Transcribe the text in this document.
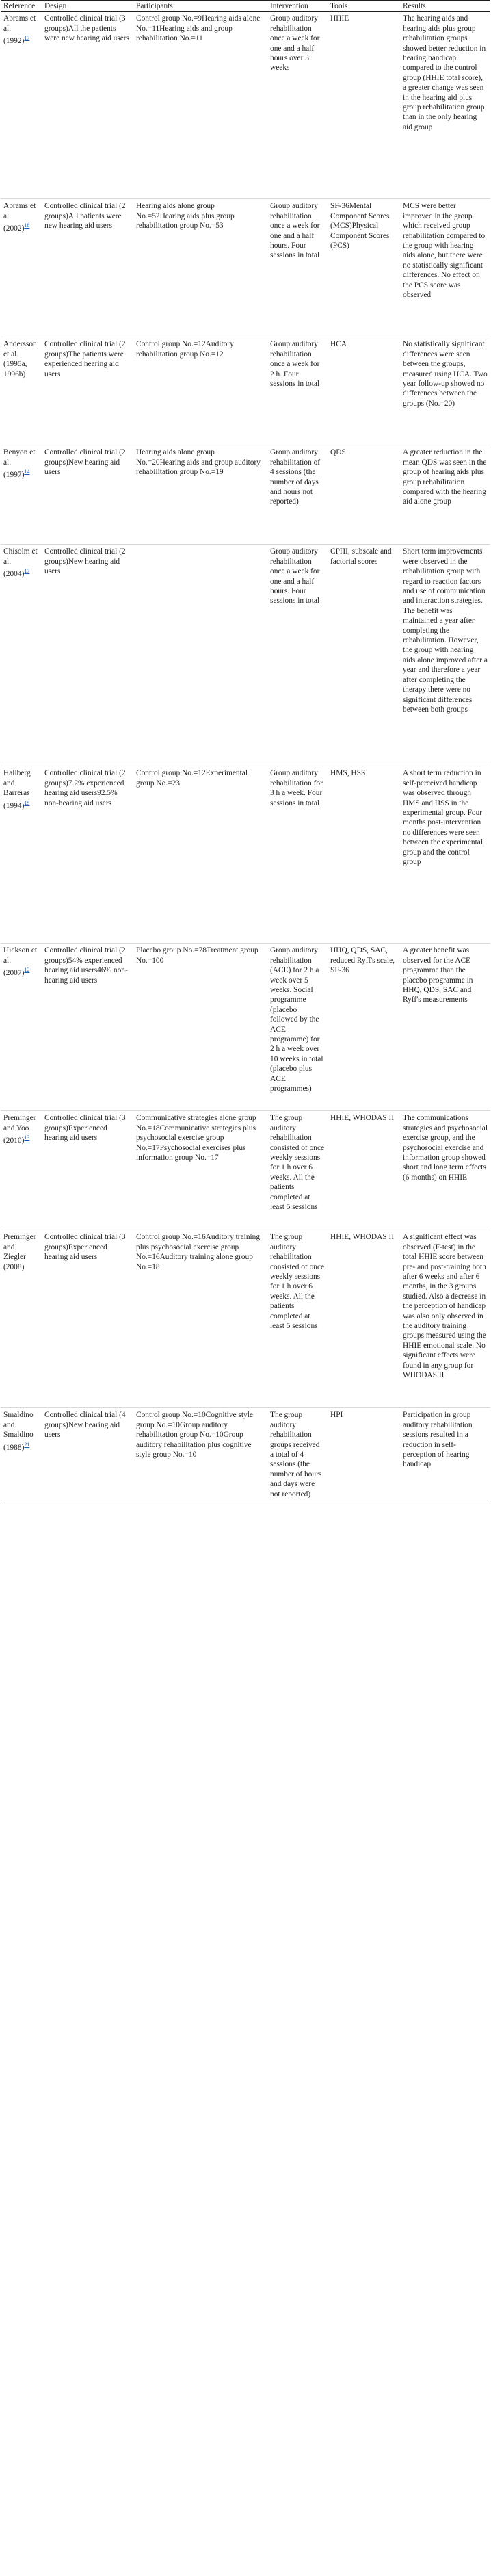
Reference	Design	Participants	Intervention	Tools	Results
Abrams et al. (1992)$^{17}$	Controlled clinical trial (3 groups)All the patients were new hearing aid users	Control group No.=9Hearing aids alone No.=11Hearing aids and group rehabilitation No.=11	Group auditory rehabilitation once a week for one and a half hours over 3 weeks	HHIE	The hearing aids and hearing aids plus group rehabilitation groups showed better reduction in hearing handicap compared to the control group (HHIE total score), a greater change was seen in the hearing aid plus group rehabilitation group than in the only hearing aid group
Abrams et al. (2002)$^{18}$	Controlled clinical trial (2 groups)All patients were new hearing aid users	Hearing aids alone group No.=52Hearing aids plus group rehabilitation group No.=53	Group auditory rehabilitation once a week for one and a half hours. Four sessions in total	SF-36Mental Component Scores (MCS)Physical Component Scores (PCS)	MCS were better improved in the group which received group rehabilitation compared to the group with hearing aids alone, but there were no statistically significant differences. No effect on the PCS score was observed
Andersson et al. (1995a, 1996b)	Controlled clinical trial (2 groups)The patients were experienced hearing aid users	Control group No.=12Auditory rehabilitation group No.=12	Group auditory rehabilitation once a week for 2 h. Four sessions in total	HCA	No statistically significant differences were seen between the groups, measured using HCA. Two year follow-up showed no differences between the groups (No.=20)
Benyon et al. (1997)$^{14}$	Controlled clinical trial (2 groups)New hearing aid users	Hearing aids alone group No.=20Hearing aids and group auditory rehabilitation group No.=19	Group auditory rehabilitation of 4 sessions (the number of days and hours not reported)	QDS	A greater reduction in the mean QDS was seen in the group of hearing aids plus group rehabilitation compared with the hearing aid alone group
Chisolm et al. (2004)$^{17}$	Controlled clinical trial (2 groups)New hearing aid users		Group auditory rehabilitation once a week for one and a half hours. Four sessions in total	CPHI, subscale and factorial scores	Short term improvements were observed in the rehabilitation group with regard to reaction factors and use of communication and interaction strategies. The benefit was maintained a year after completing the rehabilitation. However, the group with hearing aids alone improved after a year and therefore a year after completing the therapy there were no significant differences between both groups
Hallberg and Barreras (1994)$^{15}$	Controlled clinical trial (2 groups)7.2% experienced hearing aid users92.5% non-hearing aid users	Control group No.=12Experimental group No.=23	Group auditory rehabilitation for 3 h a week. Four sessions in total	HMS, HSS	A short term reduction in self-perceived handicap was observed through HMS and HSS in the experimental group. Four months post-intervention no differences were seen between the experimental group and the control group
Hickson et al. (2007)$^{12}$	Controlled clinical trial (2 groups)54% experienced hearing aid users46% non-hearing aid users	Placebo group No.=78Treatment group No.=100	Group auditory rehabilitation (ACE) for 2 h a week over 5 weeks. Social programme (placebo followed by the ACE programme) for 2 h a week over 10 weeks in total (placebo plus ACE programmes)	HHQ, QDS, SAC, reduced Ryff's scale, SF-36	A greater benefit was observed for the ACE programme than the placebo programme in HHQ, QDS, SAC and Ryff's measurements
Preminger and Yoo (2010)$^{13}$	Controlled clinical trial (3 groups)Experienced hearing aid users	Communicative strategies alone group No.=18Communicative strategies plus psychosocial exercise group No.=17Psychosocial exercises plus information group No.=17	The group auditory rehabilitation consisted of once weekly sessions for 1 h over 6 weeks. All the patients completed at least 5 sessions	HHIE, WHODAS II	The communications strategies and psychosocial exercise group, and the psychosocial exercise and information group showed short and long term effects (6 months) on HHIE
Preminger and Ziegler (2008)	Controlled clinical trial (3 groups)Experienced hearing aid users	Control group No.=16Auditory training plus psychosocial exercise group No.=16Auditory training alone group No.=18	The group auditory rehabilitation consisted of once weekly sessions for 1 h over 6 weeks. All the patients completed at least 5 sessions	HHIE, WHODAS II	A significant effect was observed (F-test) in the total HHIE score between pre- and post-training both after 6 weeks and after 6 months, in the 3 groups studied. Also a decrease in the perception of handicap was also only observed in the auditory training groups measured using the HHIE emotional scale. No significant effects were found in any group for WHODAS II
Smaldino and Smaldino (1988)$^{21}$	Controlled clinical trial (4 groups)New hearing aid users	Control group No.=10Cognitive style group No.=10Group auditory rehabilitation group No.=10Group auditory rehabilitation plus cognitive style group No.=10	The group auditory rehabilitation groups received a total of 4 sessions (the number of hours and days were not reported)	HPI	Participation in group auditory rehabilitation sessions resulted in a reduction in self-perception of hearing handicap
